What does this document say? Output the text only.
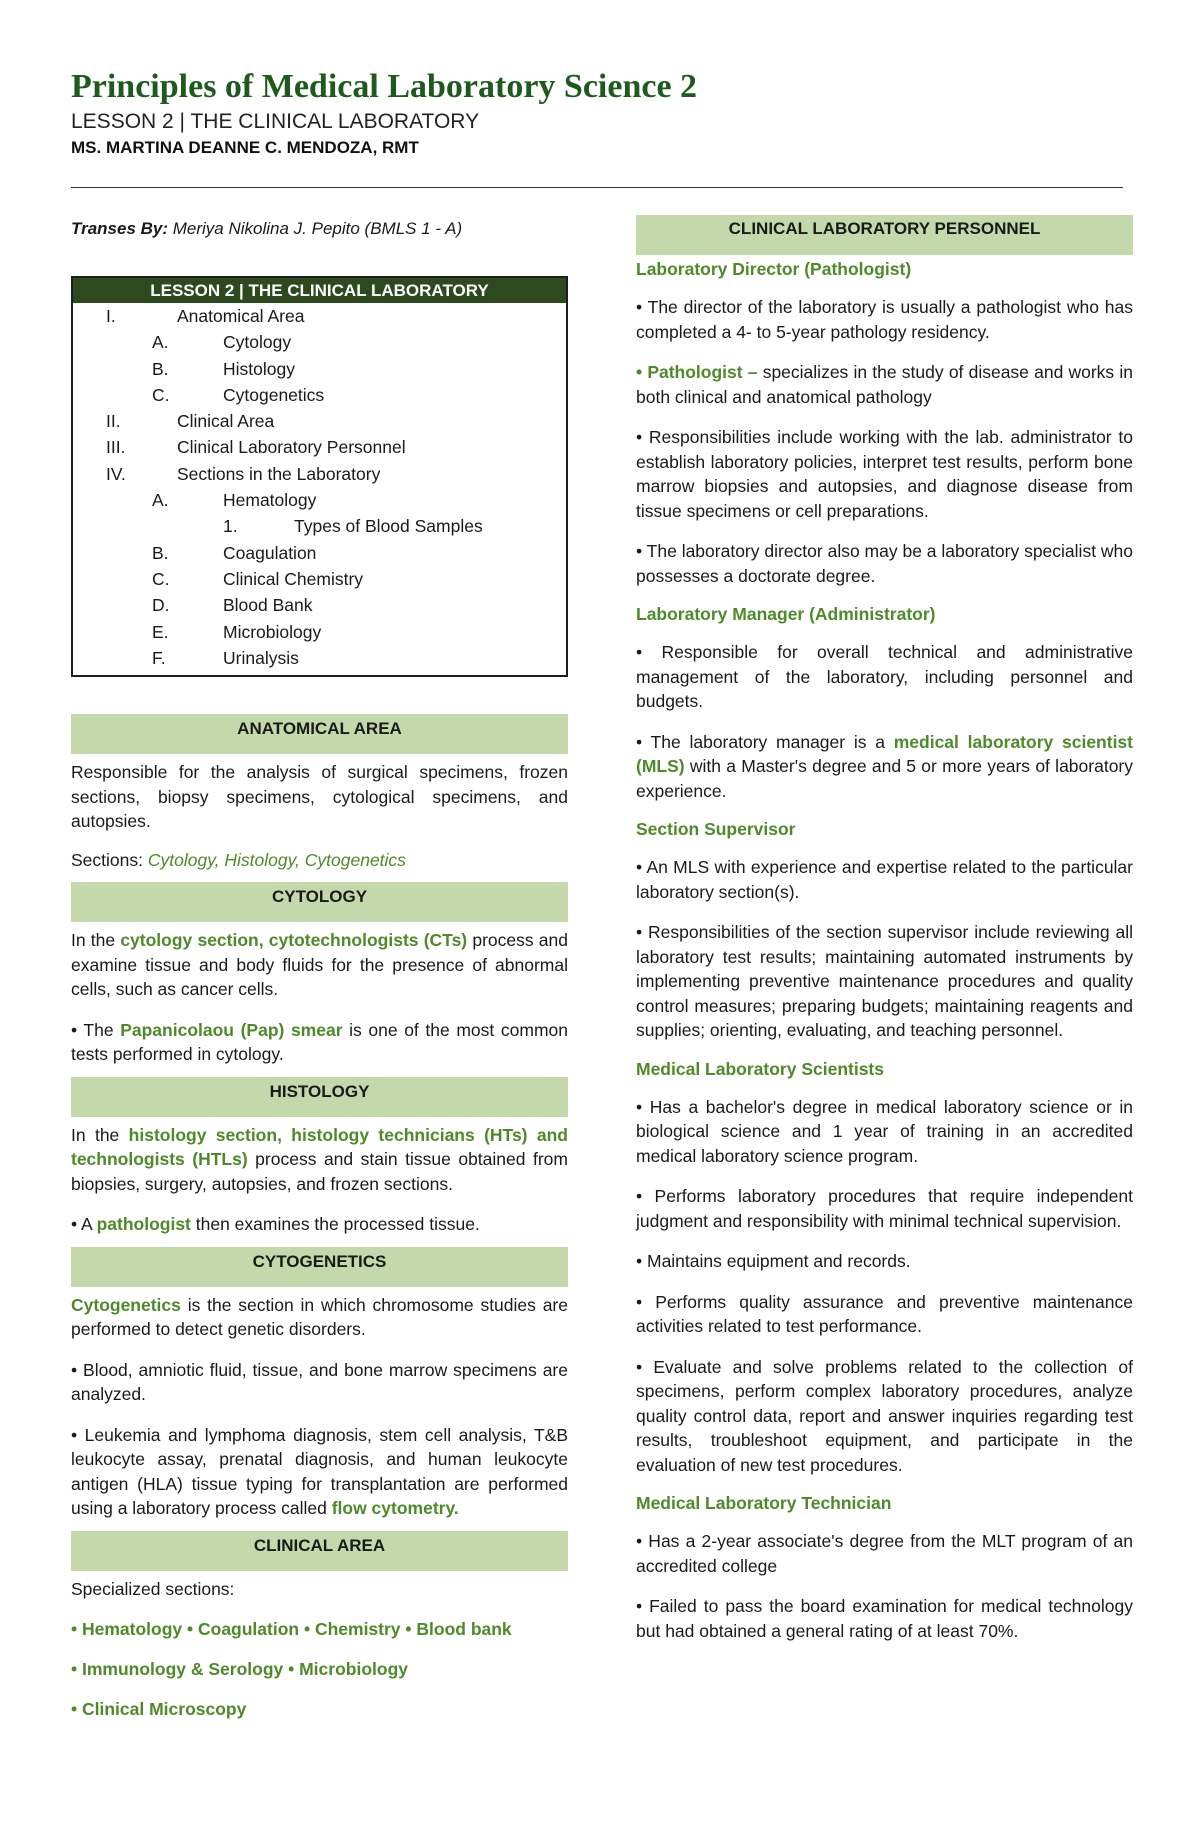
Principles of Medical Laboratory Science 2
LESSON 2 | THE CLINICAL LABORATORY
MS. MARTINA DEANNE C. MENDOZA, RMT
Transes By: Meriya Nikolina J. Pepito (BMLS 1 - A)
LESSON 2 | THE CLINICAL LABORATORY
I.	Anatomical Area
A.	Cytology
B.	Histology
C.	Cytogenetics
II.	Clinical Area
III.	Clinical Laboratory Personnel
IV.	Sections in the Laboratory
A.	Hematology
1.	Types of Blood Samples
B.	Coagulation
C.	Clinical Chemistry
D.	Blood Bank
E.	Microbiology
F.	Urinalysis
ANATOMICAL AREA

Responsible for the analysis of surgical specimens, frozen sections, biopsy specimens, cytological specimens, and autopsies.

Sections: Cytology, Histology, Cytogenetics

CYTOLOGY

In the cytology section, cytotechnologists (CTs) process and examine tissue and body fluids for the presence of abnormal cells, such as cancer cells.

• The Papanicolaou (Pap) smear is one of the most common tests performed in cytology.

HISTOLOGY

In the histology section, histology technicians (HTs) and technologists (HTLs) process and stain tissue obtained from biopsies, surgery, autopsies, and frozen sections.

• A pathologist then examines the processed tissue.

CYTOGENETICS

Cytogenetics is the section in which chromosome studies are performed to detect genetic disorders.

• Blood, amniotic fluid, tissue, and bone marrow specimens are analyzed.

• Leukemia and lymphoma diagnosis, stem cell analysis, T&B leukocyte assay, prenatal diagnosis, and human leukocyte antigen (HLA) tissue typing for transplantation are performed using a laboratory process called flow cytometry.

CLINICAL AREA

Specialized sections:

• Hematology • Coagulation • Chemistry • Blood bank

• Immunology & Serology • Microbiology

• Clinical Microscopy

CLINICAL LABORATORY PERSONNEL
Laboratory Director (Pathologist)

• The director of the laboratory is usually a pathologist who has completed a 4- to 5-year pathology residency.

• Pathologist – specializes in the study of disease and works in both clinical and anatomical pathology

• Responsibilities include working with the lab. administrator to establish laboratory policies, interpret test results, perform bone marrow biopsies and autopsies, and diagnose disease from tissue specimens or cell preparations.

• The laboratory director also may be a laboratory specialist who possesses a doctorate degree.

Laboratory Manager (Administrator)

• Responsible for overall technical and administrative management of the laboratory, including personnel and budgets.

• The laboratory manager is a medical laboratory scientist (MLS) with a Master's degree and 5 or more years of laboratory experience.

Section Supervisor

• An MLS with experience and expertise related to the particular laboratory section(s).

• Responsibilities of the section supervisor include reviewing all laboratory test results; maintaining automated instruments by implementing preventive maintenance procedures and quality control measures; preparing budgets; maintaining reagents and supplies; orienting, evaluating, and teaching personnel.

Medical Laboratory Scientists

• Has a bachelor's degree in medical laboratory science or in biological science and 1 year of training in an accredited medical laboratory science program.

• Performs laboratory procedures that require independent judgment and responsibility with minimal technical supervision.

• Maintains equipment and records.

• Performs quality assurance and preventive maintenance activities related to test performance.

• Evaluate and solve problems related to the collection of specimens, perform complex laboratory procedures, analyze quality control data, report and answer inquiries regarding test results, troubleshoot equipment, and participate in the evaluation of new test procedures.

Medical Laboratory Technician

• Has a 2-year associate's degree from the MLT program of an accredited college

• Failed to pass the board examination for medical technology but had obtained a general rating of at least 70%.
